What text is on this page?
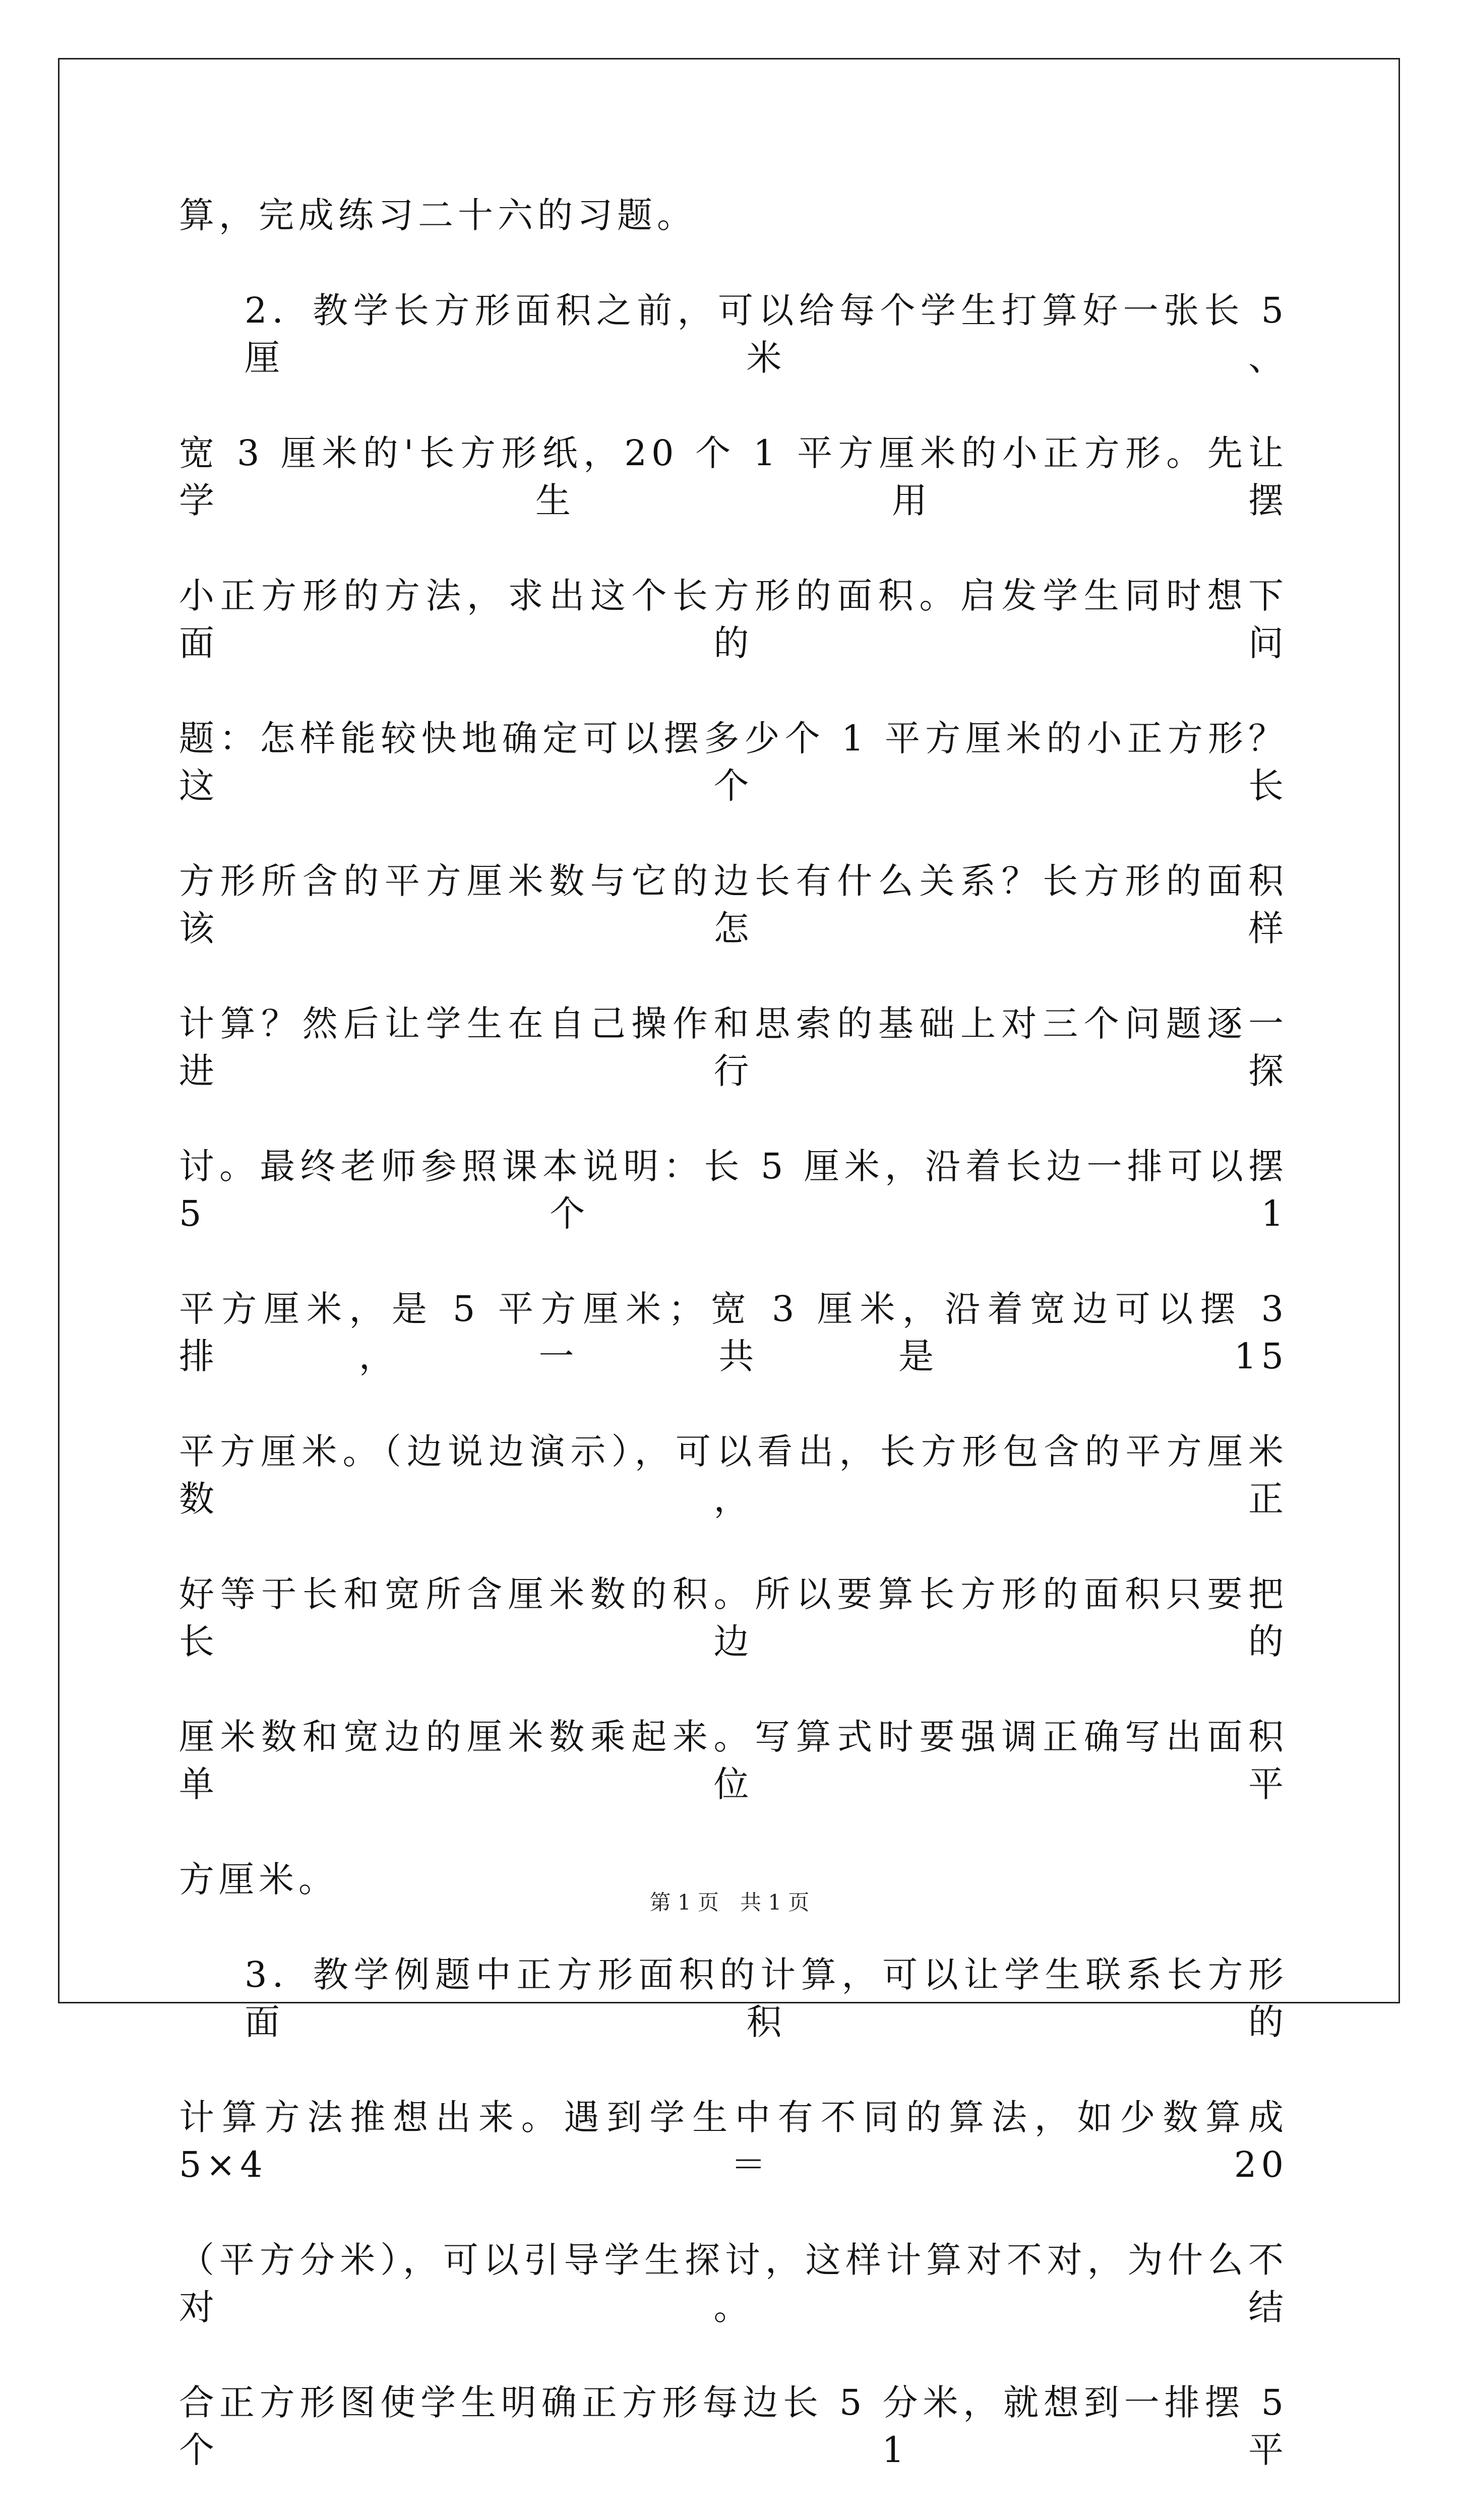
算，完成练习二十六的习题。
2．教学长方形面积之前，可以给每个学生打算好一张长 5 厘米、
宽 3 厘米的'长方形纸，20 个 1 平方厘米的小正方形。先让学生用摆
小正方形的方法，求出这个长方形的面积。启发学生同时想下面的问
题：怎样能较快地确定可以摆多少个 1 平方厘米的小正方形？这个长
方形所含的平方厘米数与它的边长有什么关系？长方形的面积该怎样
计算？然后让学生在自己操作和思索的基础上对三个问题逐一进行探
讨。最终老师参照课本说明：长 5 厘米，沿着长边一排可以摆 5 个 1
平方厘米，是 5 平方厘米；宽 3 厘米，沿着宽边可以摆 3 排，一共是 15
平方厘米。（边说边演示），可以看出，长方形包含的平方厘米数，正
好等于长和宽所含厘米数的积。所以要算长方形的面积只要把长边的
厘米数和宽边的厘米数乘起来。写算式时要强调正确写出面积单位平
方厘米。
3．教学例题中正方形面积的计算，可以让学生联系长方形面积的
计算方法推想出来。遇到学生中有不同的算法，如少数算成 5×4＝20
（平方分米），可以引导学生探讨，这样计算对不对，为什么不对。结
合正方形图使学生明确正方形每边长 5 分米，就想到一排摆 5 个 1 平
第 1 页　共 1 页
